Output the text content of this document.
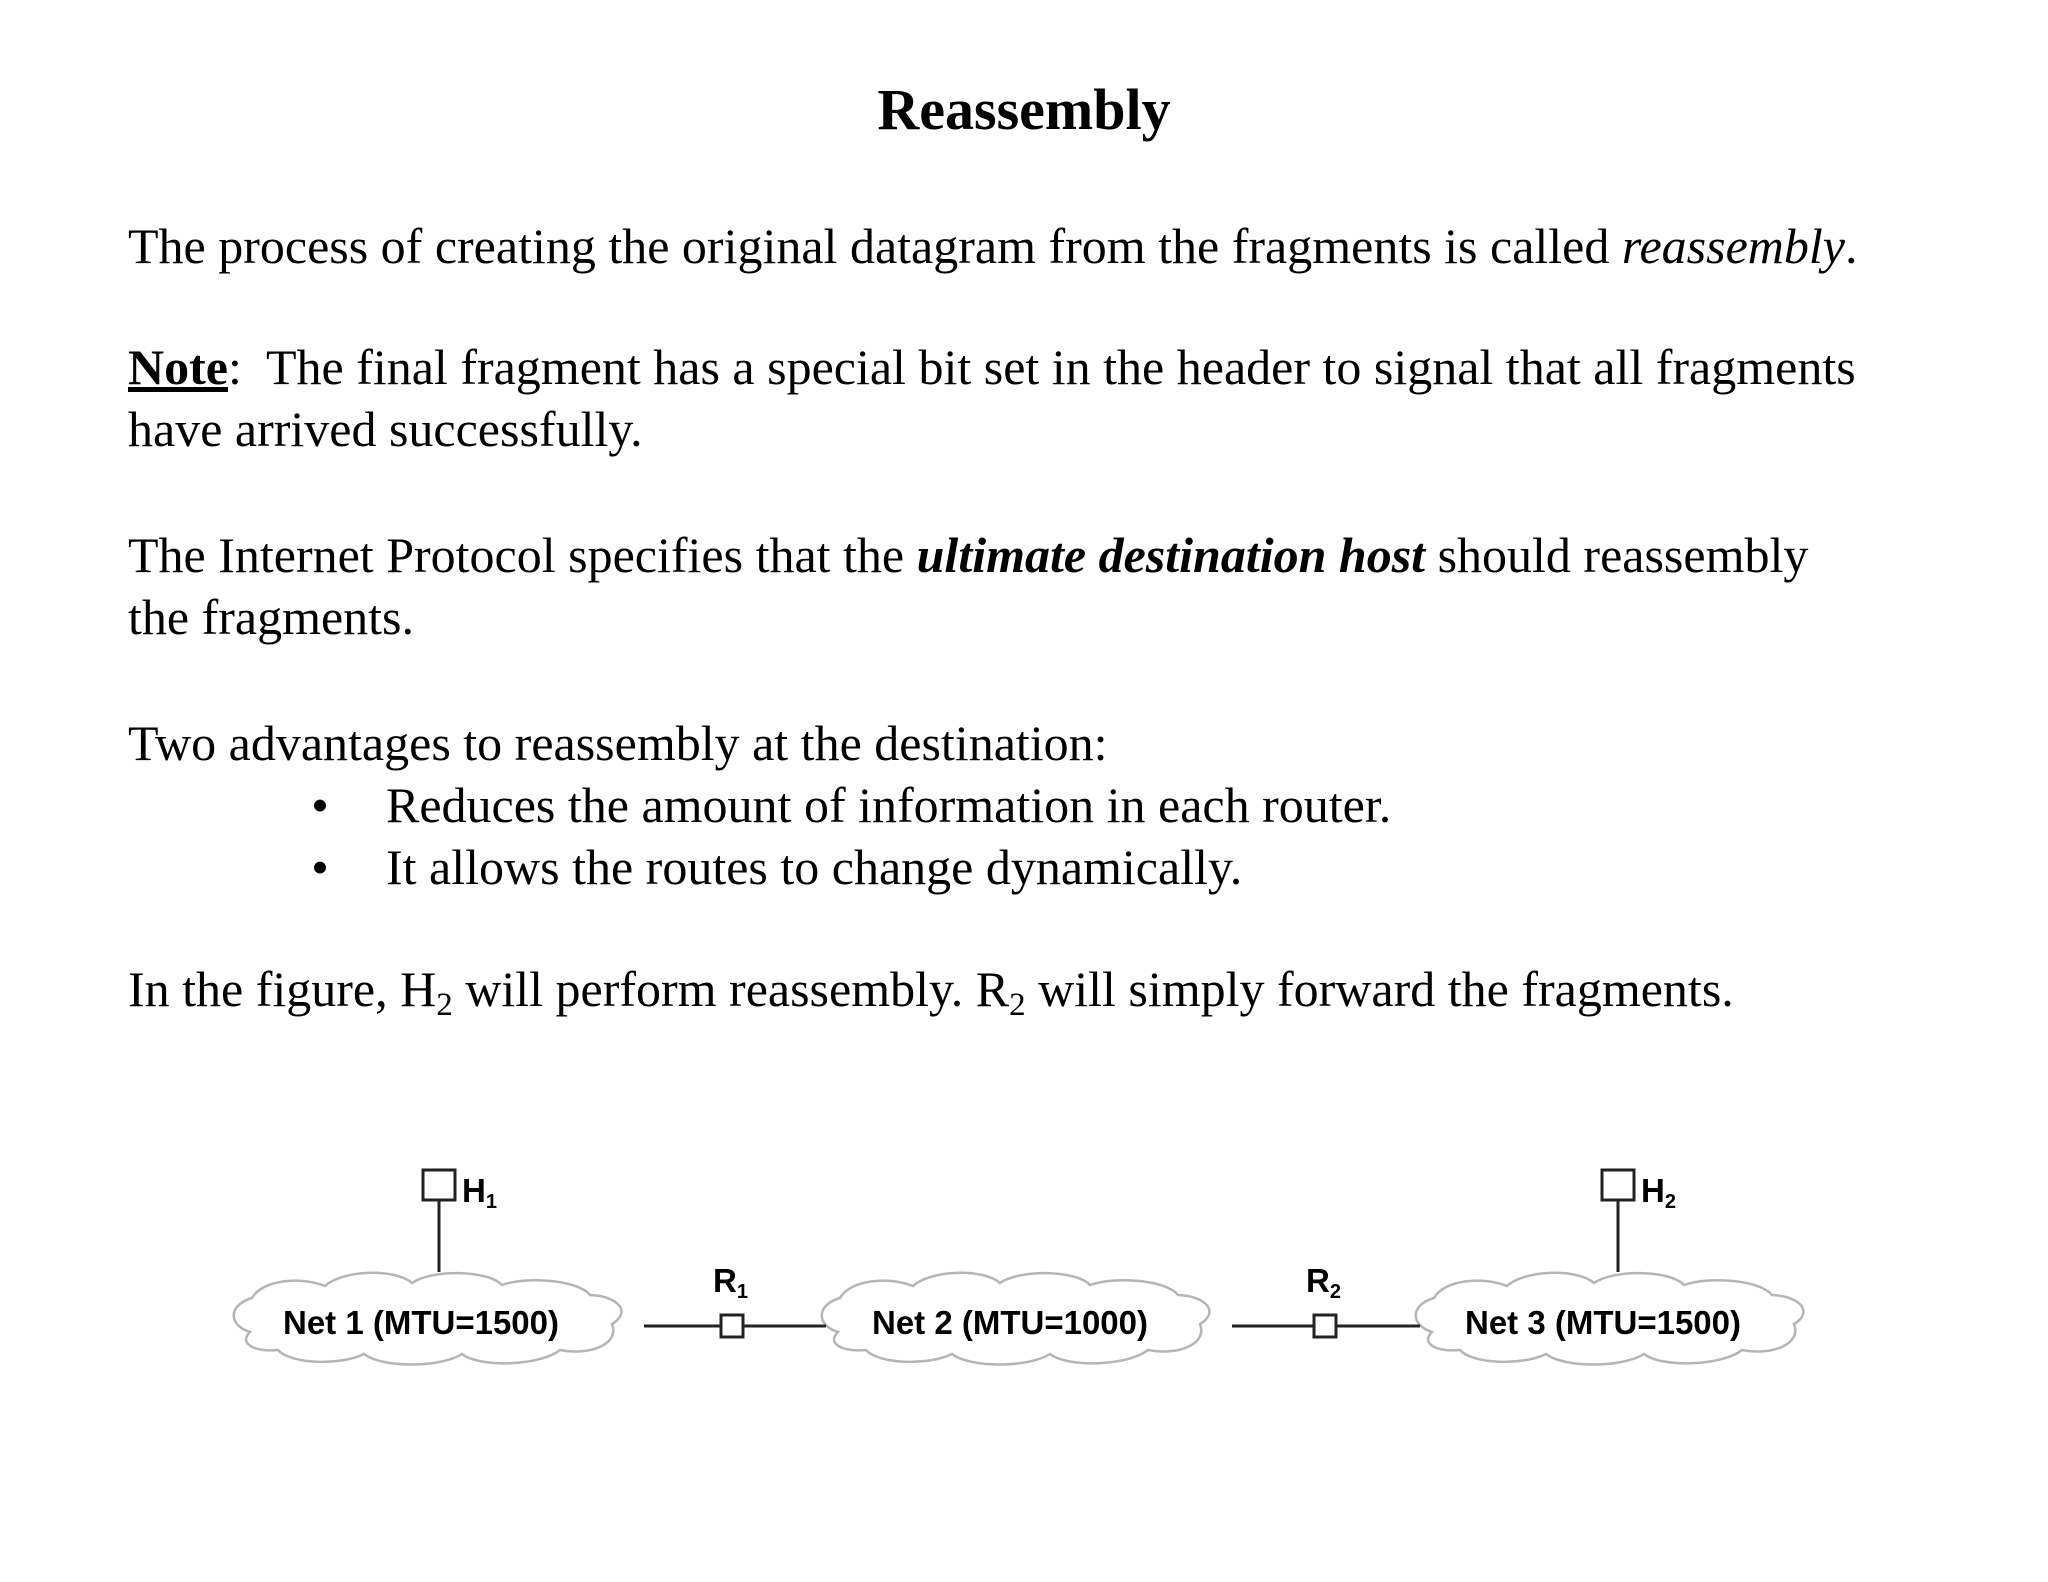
Reassembly

The process of creating the original datagram from the fragments is called reassembly.

Note:  The final fragment has a special bit set in the header to signal that all fragments
have arrived successfully.

The Internet Protocol specifies that the ultimate destination host should reassembly
the fragments.

Two advantages to reassembly at the destination:

• Reduces the amount of information in each router.
• It allows the routes to change dynamically.

In the figure, $H_2$ will perform reassembly. $R_2$ will simply forward the fragments.

Net 1 (MTU=1500)	Net 2 (MTU=1000)	Net 3 (MTU=1500)
H1	H2
R1	R2
